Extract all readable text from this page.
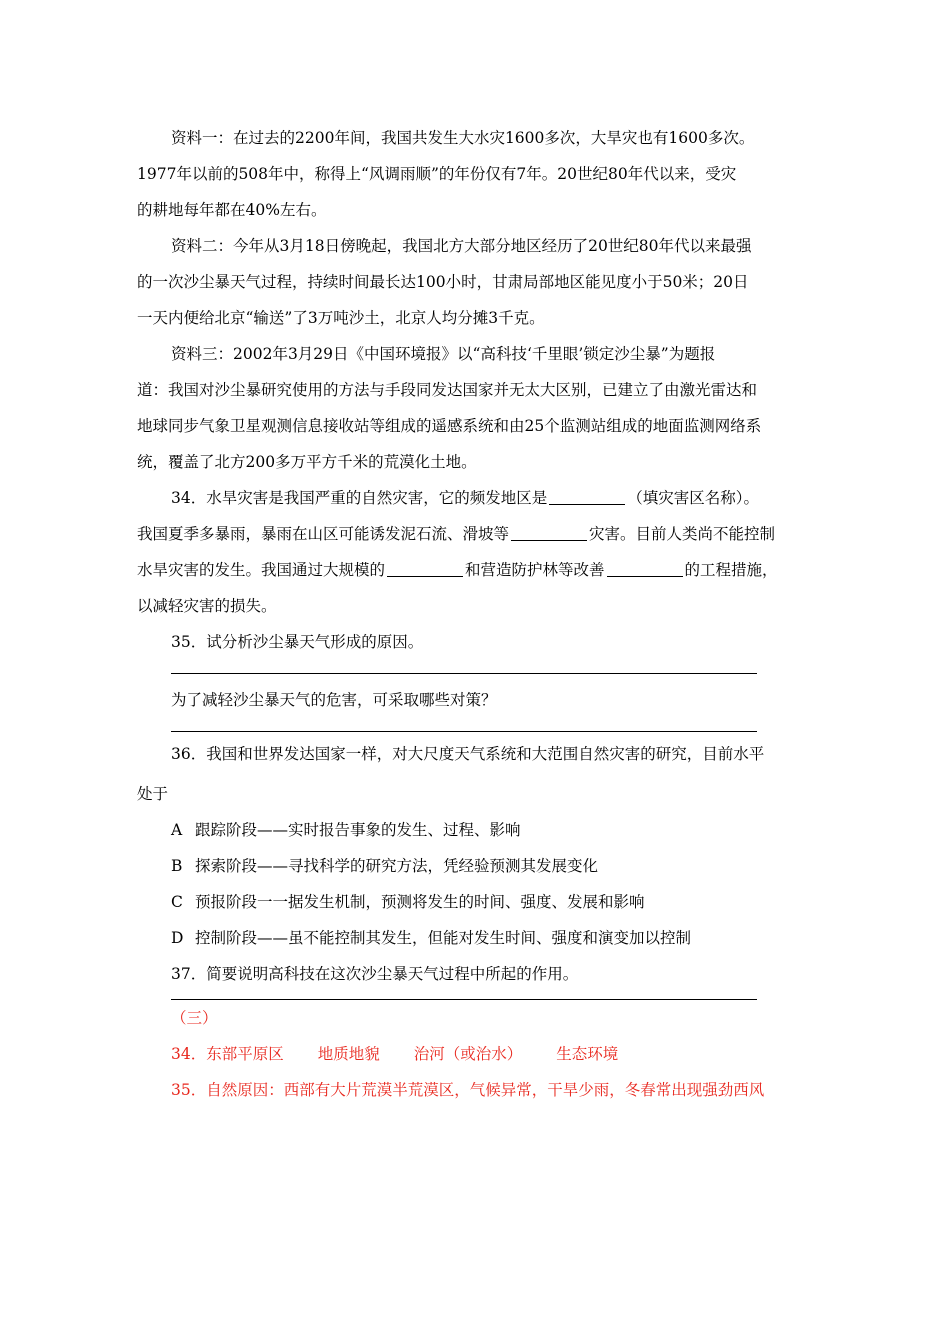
资料一：在过去的2200年间，我国共发生大水灾1600多次，大旱灾也有1600多次。

1977年以前的508年中，称得上“风调雨顺”的年份仅有7年。20世纪80年代以来，受灾

的耕地每年都在40%左右。

资料二：今年从3月18日傍晚起，我国北方大部分地区经历了20世纪80年代以来最强

的一次沙尘暴天气过程，持续时间最长达100小时，甘肃局部地区能见度小于50米；20日

一天内便给北京“输送”了3万吨沙土，北京人均分摊3千克。

资料三：2002年3月29日《中国环境报》以“高科技‘千里眼’锁定沙尘暴”为题报

道：我国对沙尘暴研究使用的方法与手段同发达国家并无太大区别，已建立了由激光雷达和

地球同步气象卫星观测信息接收站等组成的遥感系统和由25个监测站组成的地面监测网络系

统，覆盖了北方200多万平方千米的荒漠化土地。

34．水旱灾害是我国严重的自然灾害，它的频发地区是	（填灾害区名称）。

我国夏季多暴雨，暴雨在山区可能诱发泥石流、滑坡等	灾害。目前人类尚不能控制

水旱灾害的发生。我国通过大规模的	和营造防护林等改善	的工程措施，

以减轻灾害的损失。

35．试分析沙尘暴天气形成的原因。

为了减轻沙尘暴天气的危害，可采取哪些对策？

36．我国和世界发达国家一样，对大尺度天气系统和大范围自然灾害的研究，目前水平

处于

A 跟踪阶段——实时报告事象的发生、过程、影响

B 探索阶段——寻找科学的研究方法，凭经验预测其发展变化

C 预报阶段一一据发生机制，预测将发生的时间、强度、发展和影响

D 控制阶段——虽不能控制其发生，但能对发生时间、强度和演变加以控制

37．简要说明高科技在这次沙尘暴天气过程中所起的作用。

（三）

34．东部平原区 地质地貌 治河（或治水） 生态环境

35．自然原因：西部有大片荒漠半荒漠区，气候异常，干旱少雨，冬春常出现强劲西风
